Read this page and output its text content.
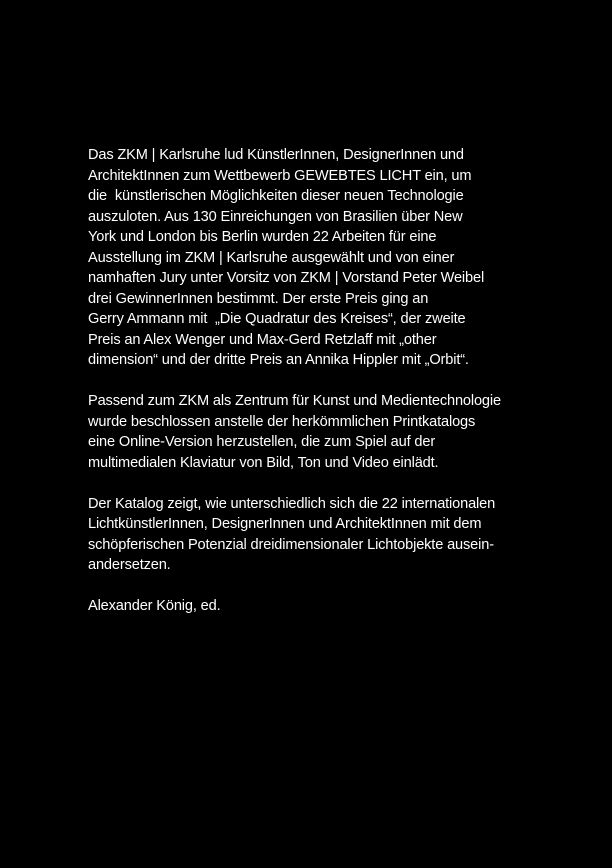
Das ZKM | Karlsruhe lud KünstlerInnen, DesignerInnen und
ArchitektInnen zum Wettbewerb GEWEBTES LICHT ein, um
die  künstlerischen Möglichkeiten dieser neuen Technologie
auszuloten. Aus 130 Einreichungen von Brasilien über New
York und London bis Berlin wurden 22 Arbeiten für eine
Ausstellung im ZKM | Karlsruhe ausgewählt und von einer
namhaften Jury unter Vorsitz von ZKM | Vorstand Peter Weibel
drei GewinnerInnen bestimmt. Der erste Preis ging an
Gerry Ammann mit  „Die Quadratur des Kreises“, der zweite
Preis an Alex Wenger und Max-Gerd Retzlaff mit „other
dimension“ und der dritte Preis an Annika Hippler mit „Orbit“.

Passend zum ZKM als Zentrum für Kunst und Medientechnologie
wurde beschlossen anstelle der herkömmlichen Printkatalogs
eine Online-Version herzustellen, die zum Spiel auf der
multimedialen Klaviatur von Bild, Ton und Video einlädt.

Der Katalog zeigt, wie unterschiedlich sich die 22 internationalen
LichtkünstlerInnen, DesignerInnen und ArchitektInnen mit dem
schöpferischen Potenzial dreidimensionaler Lichtobjekte ausein-
andersetzen.

Alexander König, ed.
